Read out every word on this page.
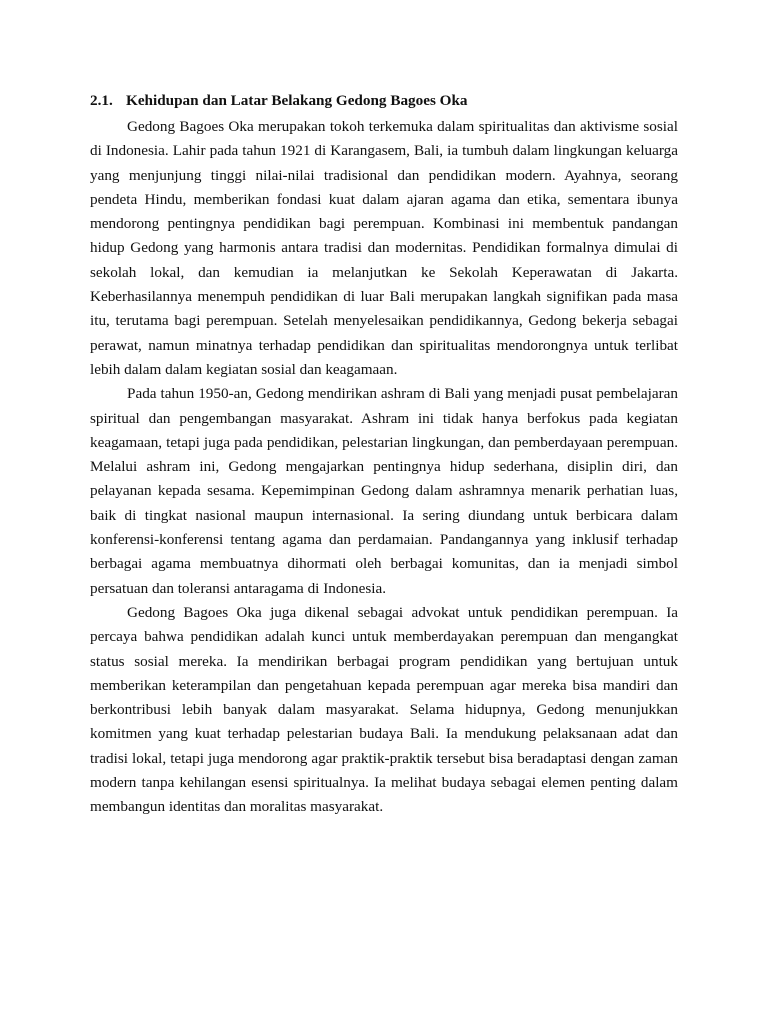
2.1. Kehidupan dan Latar Belakang Gedong Bagoes Oka

Gedong Bagoes Oka merupakan tokoh terkemuka dalam spiritualitas dan aktivisme sosial di Indonesia. Lahir pada tahun 1921 di Karangasem, Bali, ia tumbuh dalam lingkungan keluarga yang menjunjung tinggi nilai-nilai tradisional dan pendidikan modern. Ayahnya, seorang pendeta Hindu, memberikan fondasi kuat dalam ajaran agama dan etika, sementara ibunya mendorong pentingnya pendidikan bagi perempuan. Kombinasi ini membentuk pandangan hidup Gedong yang harmonis antara tradisi dan modernitas. Pendidikan formalnya dimulai di sekolah lokal, dan kemudian ia melanjutkan ke Sekolah Keperawatan di Jakarta. Keberhasilannya menempuh pendidikan di luar Bali merupakan langkah signifikan pada masa itu, terutama bagi perempuan. Setelah menyelesaikan pendidikannya, Gedong bekerja sebagai perawat, namun minatnya terhadap pendidikan dan spiritualitas mendorongnya untuk terlibat lebih dalam dalam kegiatan sosial dan keagamaan.

Pada tahun 1950-an, Gedong mendirikan ashram di Bali yang menjadi pusat pembelajaran spiritual dan pengembangan masyarakat. Ashram ini tidak hanya berfokus pada kegiatan keagamaan, tetapi juga pada pendidikan, pelestarian lingkungan, dan pemberdayaan perempuan. Melalui ashram ini, Gedong mengajarkan pentingnya hidup sederhana, disiplin diri, dan pelayanan kepada sesama. Kepemimpinan Gedong dalam ashramnya menarik perhatian luas, baik di tingkat nasional maupun internasional. Ia sering diundang untuk berbicara dalam konferensi-konferensi tentang agama dan perdamaian. Pandangannya yang inklusif terhadap berbagai agama membuatnya dihormati oleh berbagai komunitas, dan ia menjadi simbol persatuan dan toleransi antaragama di Indonesia.

Gedong Bagoes Oka juga dikenal sebagai advokat untuk pendidikan perempuan. Ia percaya bahwa pendidikan adalah kunci untuk memberdayakan perempuan dan mengangkat status sosial mereka. Ia mendirikan berbagai program pendidikan yang bertujuan untuk memberikan keterampilan dan pengetahuan kepada perempuan agar mereka bisa mandiri dan berkontribusi lebih banyak dalam masyarakat. Selama hidupnya, Gedong menunjukkan komitmen yang kuat terhadap pelestarian budaya Bali. Ia mendukung pelaksanaan adat dan tradisi lokal, tetapi juga mendorong agar praktik-praktik tersebut bisa beradaptasi dengan zaman modern tanpa kehilangan esensi spiritualnya. Ia melihat budaya sebagai elemen penting dalam membangun identitas dan moralitas masyarakat.
